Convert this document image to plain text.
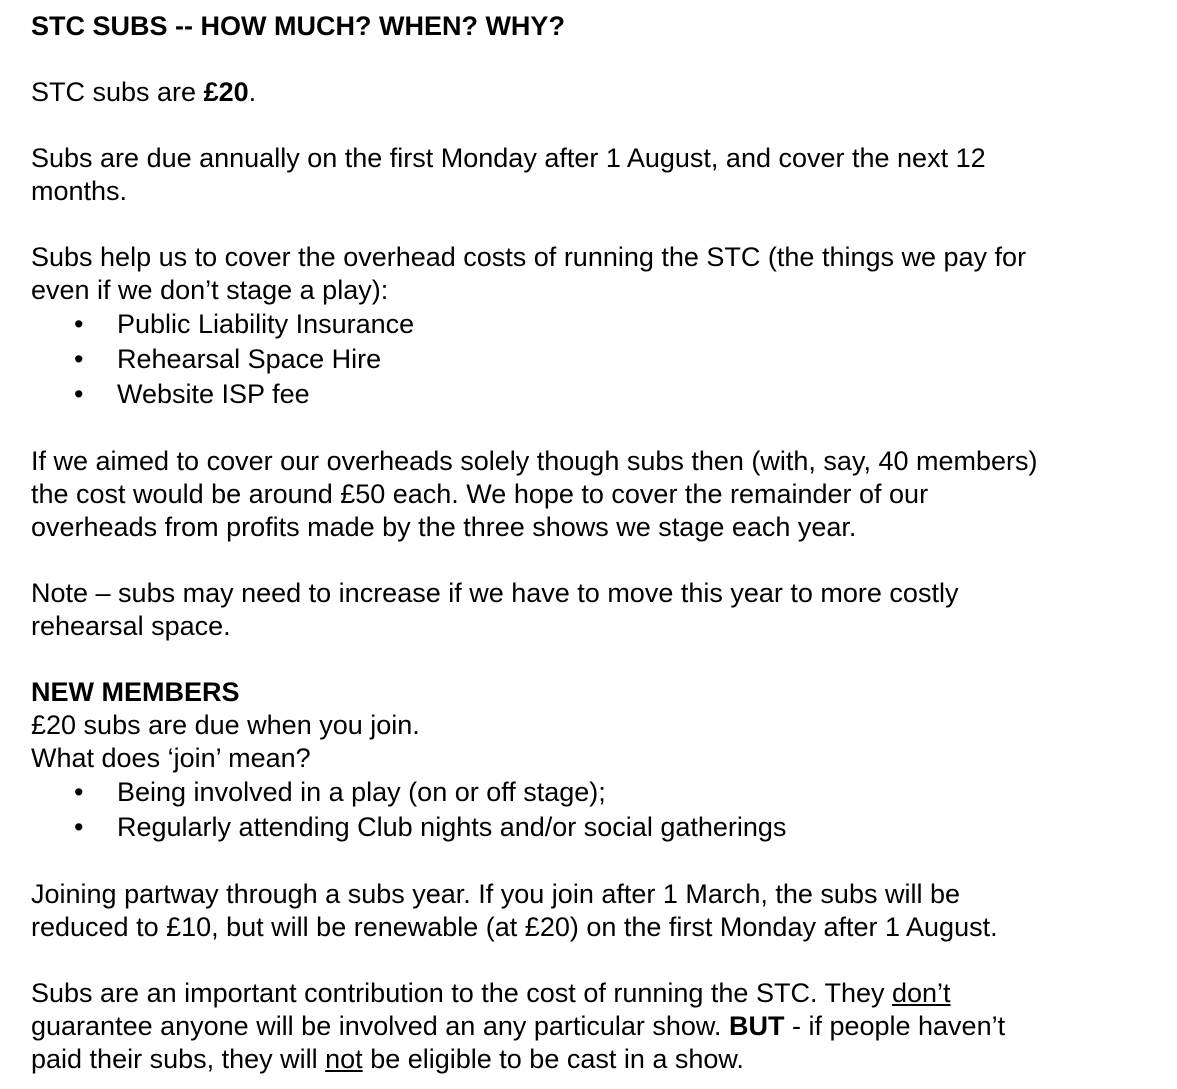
STC SUBS -- HOW MUCH? WHEN? WHY?

STC subs are £20.

Subs are due annually on the first Monday after 1 August, and cover the next 12

months.

Subs help us to cover the overhead costs of running the STC (the things we pay for

even if we don’t stage a play):

• Public Liability Insurance
• Rehearsal Space Hire
• Website ISP fee

If we aimed to cover our overheads solely though subs then (with, say, 40 members)

the cost would be around £50 each. We hope to cover the remainder of our

overheads from profits made by the three shows we stage each year.

Note – subs may need to increase if we have to move this year to more costly

rehearsal space.

NEW MEMBERS

£20 subs are due when you join.

What does ‘join’ mean?

• Being involved in a play (on or off stage);
• Regularly attending Club nights and/or social gatherings

Joining partway through a subs year. If you join after 1 March, the subs will be

reduced to £10, but will be renewable (at £20) on the first Monday after 1 August.

Subs are an important contribution to the cost of running the STC. They don’t

guarantee anyone will be involved an any particular show. BUT - if people haven’t

paid their subs, they will not be eligible to be cast in a show.
